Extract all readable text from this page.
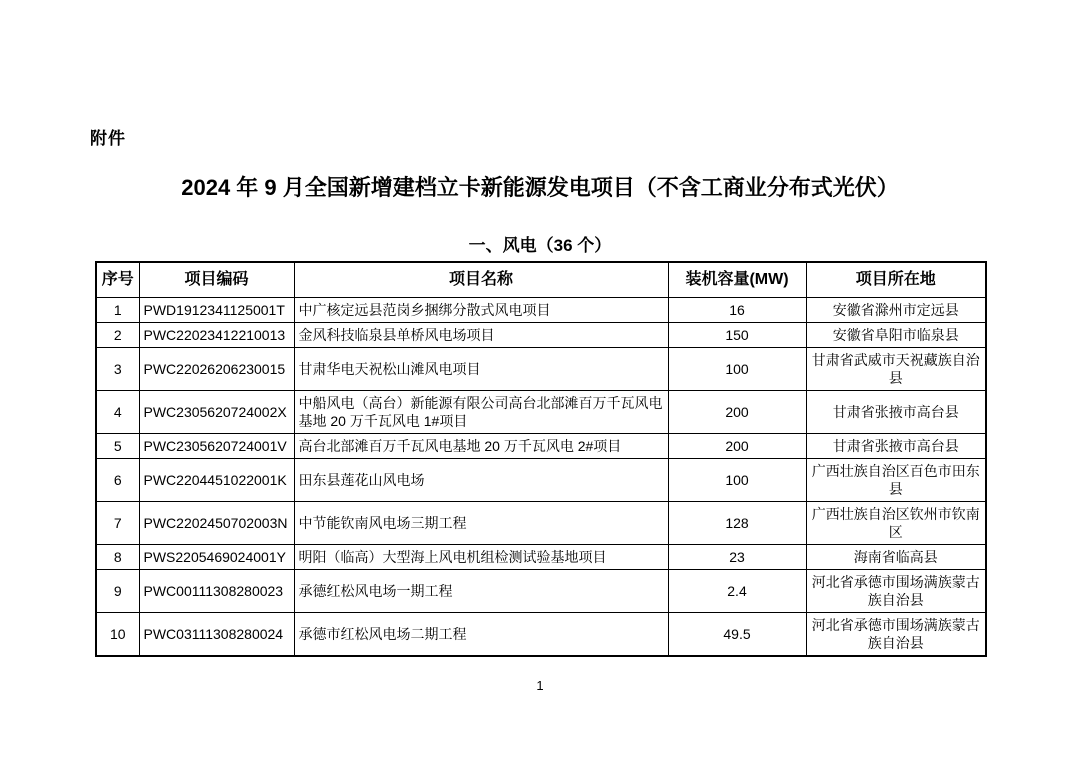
附件
2024 年 9 月全国新增建档立卡新能源发电项目（不含工商业分布式光伏）
一、风电（36 个）
序号	项目编码	项目名称	装机容量(MW)	项目所在地
1	PWD1912341125001T	中广核定远县范岗乡捆绑分散式风电项目	16	安徽省滁州市定远县
2	PWC22023412210013	金风科技临泉县单桥风电场项目	150	安徽省阜阳市临泉县
3	PWC22026206230015	甘肃华电天祝松山滩风电项目	100	甘肃省武威市天祝藏族自治县
4	PWC2305620724002X	中船风电（高台）新能源有限公司高台北部滩百万千瓦风电基地 20 万千瓦风电 1#项目	200	甘肃省张掖市高台县
5	PWC2305620724001V	高台北部滩百万千瓦风电基地 20 万千瓦风电 2#项目	200	甘肃省张掖市高台县
6	PWC2204451022001K	田东县莲花山风电场	100	广西壮族自治区百色市田东县
7	PWC2202450702003N	中节能钦南风电场三期工程	128	广西壮族自治区钦州市钦南区
8	PWS2205469024001Y	明阳（临高）大型海上风电机组检测试验基地项目	23	海南省临高县
9	PWC00111308280023	承德红松风电场一期工程	2.4	河北省承德市围场满族蒙古族自治县
10	PWC03111308280024	承德市红松风电场二期工程	49.5	河北省承德市围场满族蒙古族自治县
1
